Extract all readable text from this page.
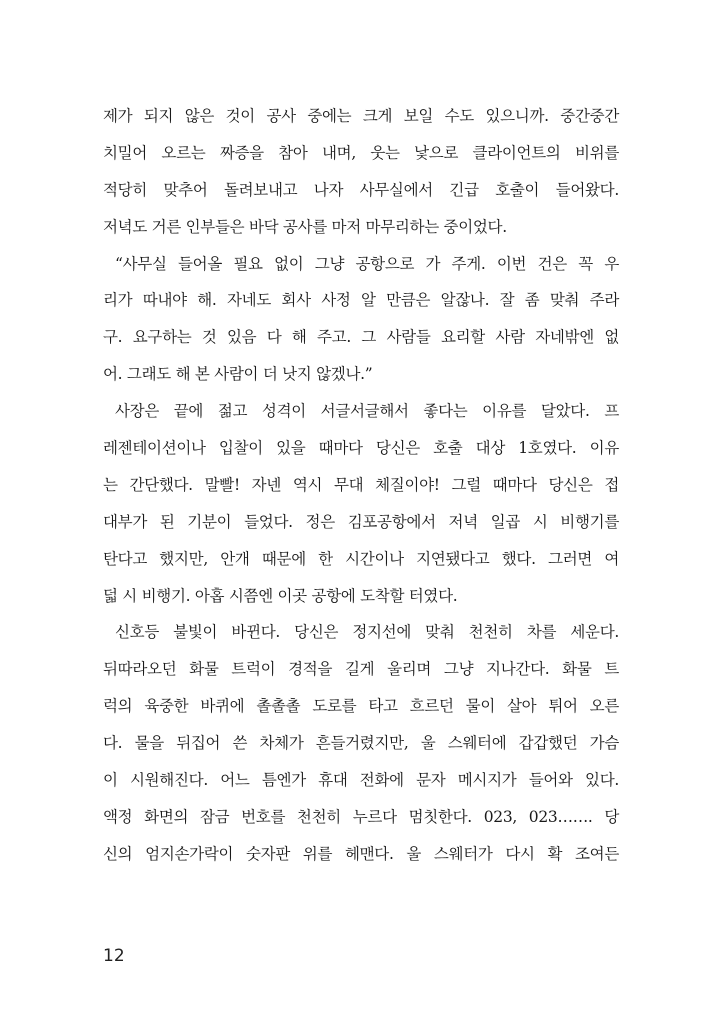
제가 되지 않은 것이 공사 중에는 크게 보일 수도 있으니까. 중간중간
치밀어 오르는 짜증을 참아 내며, 웃는 낯으로 클라이언트의 비위를
적당히 맞추어 돌려보내고 나자 사무실에서 긴급 호출이 들어왔다.
저녁도 거른 인부들은 바닥 공사를 마저 마무리하는 중이었다.
“사무실 들어올 필요 없이 그냥 공항으로 가 주게. 이번 건은 꼭 우
리가 따내야 해. 자네도 회사 사정 알 만큼은 알잖나. 잘 좀 맞춰 주라
구. 요구하는 것 있음 다 해 주고. 그 사람들 요리할 사람 자네밖엔 없
어. 그래도 해 본 사람이 더 낫지 않겠나.”
사장은 끝에 젊고 성격이 서글서글해서 좋다는 이유를 달았다. 프
레젠테이션이나 입찰이 있을 때마다 당신은 호출 대상 1호였다. 이유
는 간단했다. 말빨! 자넨 역시 무대 체질이야! 그럴 때마다 당신은 접
대부가 된 기분이 들었다. 정은 김포공항에서 저녁 일곱 시 비행기를
탄다고 했지만, 안개 때문에 한 시간이나 지연됐다고 했다. 그러면 여
덟 시 비행기. 아홉 시쯤엔 이곳 공항에 도착할 터였다.
신호등 불빛이 바뀐다. 당신은 정지선에 맞춰 천천히 차를 세운다.
뒤따라오던 화물 트럭이 경적을 길게 울리며 그냥 지나간다. 화물 트
럭의 육중한 바퀴에 촐촐촐 도로를 타고 흐르던 물이 살아 튀어 오른
다. 물을 뒤집어 쓴 차체가 흔들거렸지만, 울 스웨터에 갑갑했던 가슴
이 시원해진다. 어느 틈엔가 휴대 전화에 문자 메시지가 들어와 있다.
액정 화면의 잠금 번호를 천천히 누르다 멈칫한다. 023, 023……. 당
신의 엄지손가락이 숫자판 위를 헤맨다. 울 스웨터가 다시 확 조여든
12
